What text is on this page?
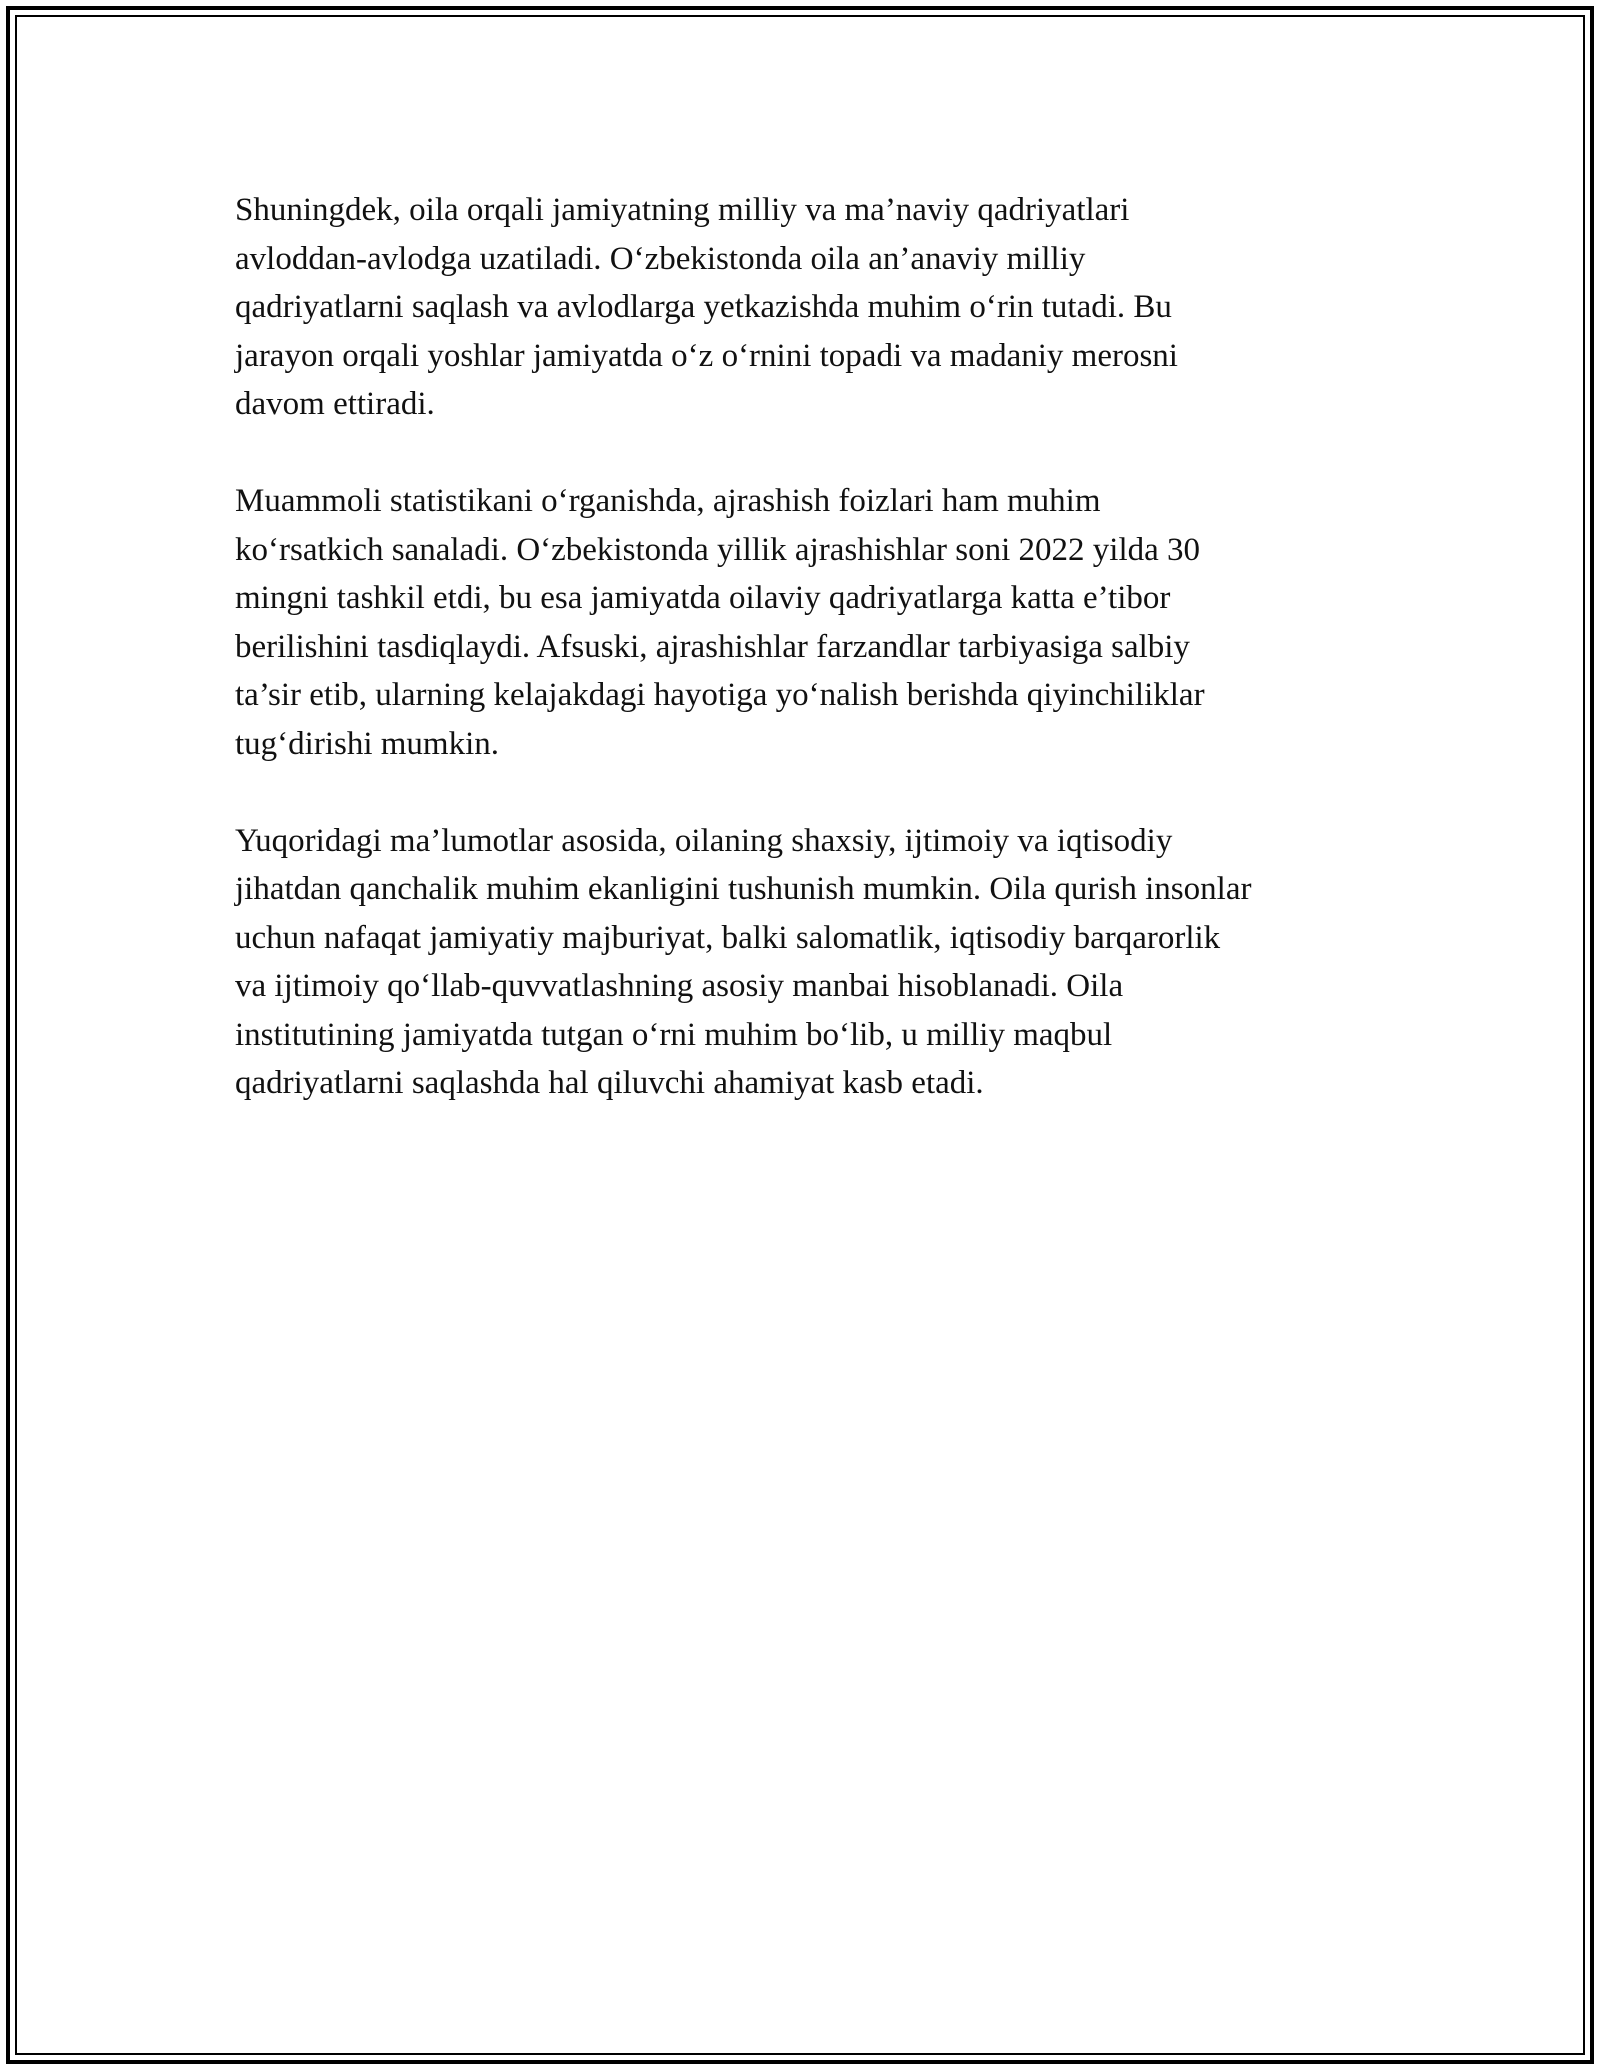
Shuningdek, oila orqali jamiyatning milliy va ma’naviy qadriyatlari
avloddan-avlodga uzatiladi. O‘zbekistonda oila an’anaviy milliy
qadriyatlarni saqlash va avlodlarga yetkazishda muhim o‘rin tutadi. Bu
jarayon orqali yoshlar jamiyatda o‘z o‘rnini topadi va madaniy merosni
davom ettiradi.

Muammoli statistikani o‘rganishda, ajrashish foizlari ham muhim
ko‘rsatkich sanaladi. O‘zbekistonda yillik ajrashishlar soni 2022 yilda 30
mingni tashkil etdi, bu esa jamiyatda oilaviy qadriyatlarga katta e’tibor
berilishini tasdiqlaydi. Afsuski, ajrashishlar farzandlar tarbiyasiga salbiy
ta’sir etib, ularning kelajakdagi hayotiga yo‘nalish berishda qiyinchiliklar
tug‘dirishi mumkin.

Yuqoridagi ma’lumotlar asosida, oilaning shaxsiy, ijtimoiy va iqtisodiy
jihatdan qanchalik muhim ekanligini tushunish mumkin. Oila qurish insonlar
uchun nafaqat jamiyatiy majburiyat, balki salomatlik, iqtisodiy barqarorlik
va ijtimoiy qo‘llab-quvvatlashning asosiy manbai hisoblanadi. Oila
institutining jamiyatda tutgan o‘rni muhim bo‘lib, u milliy maqbul
qadriyatlarni saqlashda hal qiluvchi ahamiyat kasb etadi.
